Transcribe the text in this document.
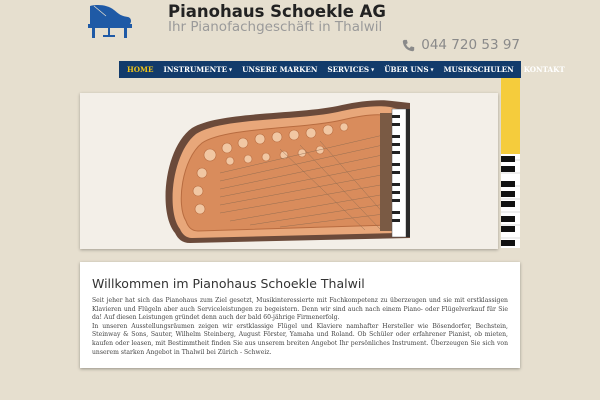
Pianohaus Schoekle AG
Ihr Pianofachgeschäft in Thalwil
044 720 53 97
HOME INSTRUMENTE ▼ UNSERE MARKEN SERVICES ▼ ÜBER UNS ▼ MUSIKSCHULEN KONTAKT
Willkommen im Pianohaus Schoekle Thalwil

Seit jeher hat sich das Pianohaus zum Ziel gesetzt, Musikinteressierte mit Fachkompetenz zu überzeugen und sie mit erstklassigen Klavieren und Flügeln aber auch Serviceleistungen zu begeistern. Denn wir sind auch nach einem Piano- oder Flügelverkauf für Sie da! Auf diesen Leistungen gründet denn auch der bald 60-jährige Firmenerfolg.

In unseren Ausstellungsräumen zeigen wir erstklassige Flügel und Klaviere namhafter Hersteller wie Bösendorfer, Bechstein, Steinway & Sons, Sauter, Wilhelm Steinberg, August Förster, Yamaha und Roland. Ob Schüler oder erfahrener Pianist, ob mieten, kaufen oder leasen, mit Bestimmtheit finden Sie aus unserem breiten Angebot Ihr persönliches Instrument. Überzeugen Sie sich von unserem starken Angebot in Thalwil bei Zürich - Schweiz.
